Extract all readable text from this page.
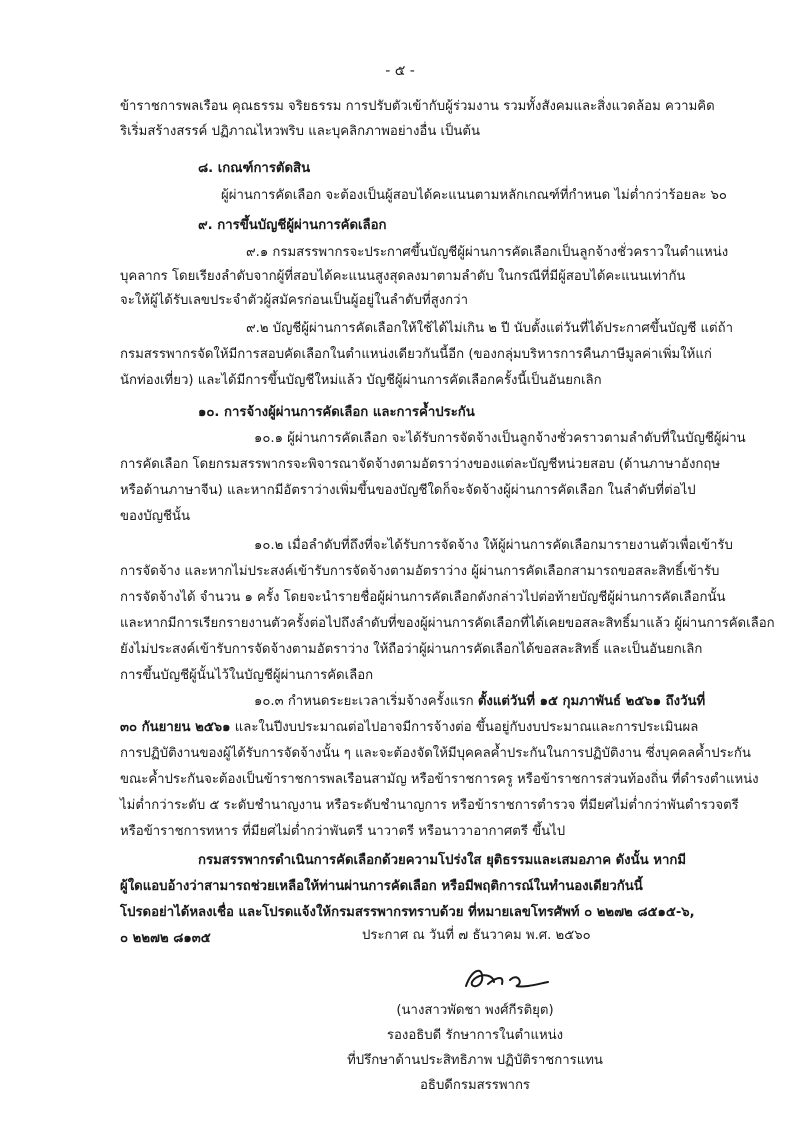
- ๕ -
ข้าราชการพลเรือน คุณธรรม จริยธรรม การปรับตัวเข้ากับผู้ร่วมงาน รวมทั้งสังคมและสิ่งแวดล้อม ความคิด
ริเริ่มสร้างสรรค์ ปฏิภาณไหวพริบ และบุคลิกภาพอย่างอื่น เป็นต้น
๘. เกณฑ์การตัดสิน
ผู้ผ่านการคัดเลือก จะต้องเป็นผู้สอบได้คะแนนตามหลักเกณฑ์ที่กำหนด ไม่ต่ำกว่าร้อยละ ๖๐
๙. การขึ้นบัญชีผู้ผ่านการคัดเลือก
๙.๑ กรมสรรพากรจะประกาศขึ้นบัญชีผู้ผ่านการคัดเลือกเป็นลูกจ้างชั่วคราวในตำแหน่ง
บุคลากร โดยเรียงลำดับจากผู้ที่สอบได้คะแนนสูงสุดลงมาตามลำดับ ในกรณีที่มีผู้สอบได้คะแนนเท่ากัน
จะให้ผู้ได้รับเลขประจำตัวผู้สมัครก่อนเป็นผู้อยู่ในลำดับที่สูงกว่า
๙.๒ บัญชีผู้ผ่านการคัดเลือกให้ใช้ได้ไม่เกิน ๒ ปี นับตั้งแต่วันที่ได้ประกาศขึ้นบัญชี แต่ถ้า
กรมสรรพากรจัดให้มีการสอบคัดเลือกในตำแหน่งเดียวกันนี้อีก (ของกลุ่มบริหารการคืนภาษีมูลค่าเพิ่มให้แก่
นักท่องเที่ยว) และได้มีการขึ้นบัญชีใหม่แล้ว บัญชีผู้ผ่านการคัดเลือกครั้งนี้เป็นอันยกเลิก
๑๐. การจ้างผู้ผ่านการคัดเลือก และการค้ำประกัน
๑๐.๑ ผู้ผ่านการคัดเลือก จะได้รับการจัดจ้างเป็นลูกจ้างชั่วคราวตามลำดับที่ในบัญชีผู้ผ่าน
การคัดเลือก โดยกรมสรรพากรจะพิจารณาจัดจ้างตามอัตราว่างของแต่ละบัญชีหน่วยสอบ (ด้านภาษาอังกฤษ
หรือด้านภาษาจีน) และหากมีอัตราว่างเพิ่มขึ้นของบัญชีใดก็จะจัดจ้างผู้ผ่านการคัดเลือก ในลำดับที่ต่อไป
ของบัญชีนั้น
๑๐.๒ เมื่อลำดับที่ถึงที่จะได้รับการจัดจ้าง ให้ผู้ผ่านการคัดเลือกมารายงานตัวเพื่อเข้ารับ
การจัดจ้าง และหากไม่ประสงค์เข้ารับการจัดจ้างตามอัตราว่าง ผู้ผ่านการคัดเลือกสามารถขอสละสิทธิ์เข้ารับ
การจัดจ้างได้ จำนวน ๑ ครั้ง โดยจะนำรายชื่อผู้ผ่านการคัดเลือกดังกล่าวไปต่อท้ายบัญชีผู้ผ่านการคัดเลือกนั้น
และหากมีการเรียกรายงานตัวครั้งต่อไปถึงลำดับที่ของผู้ผ่านการคัดเลือกที่ได้เคยขอสละสิทธิ์มาแล้ว ผู้ผ่านการคัดเลือก
ยังไม่ประสงค์เข้ารับการจัดจ้างตามอัตราว่าง ให้ถือว่าผู้ผ่านการคัดเลือกได้ขอสละสิทธิ์ และเป็นอันยกเลิก
การขึ้นบัญชีผู้นั้นไว้ในบัญชีผู้ผ่านการคัดเลือก
๑๐.๓ กำหนดระยะเวลาเริ่มจ้างครั้งแรก ตั้งแต่วันที่ ๑๕ กุมภาพันธ์ ๒๕๖๑ ถึงวันที่
๓๐ กันยายน ๒๕๖๑ และในปีงบประมาณต่อไปอาจมีการจ้างต่อ ขึ้นอยู่กับงบประมาณและการประเมินผล
การปฏิบัติงานของผู้ได้รับการจัดจ้างนั้น ๆ และจะต้องจัดให้มีบุคคลค้ำประกันในการปฏิบัติงาน ซึ่งบุคคลค้ำประกัน
ขณะค้ำประกันจะต้องเป็นข้าราชการพลเรือนสามัญ หรือข้าราชการครู หรือข้าราชการส่วนท้องถิ่น ที่ดำรงตำแหน่ง
ไม่ต่ำกว่าระดับ ๕ ระดับชำนาญงาน หรือระดับชำนาญการ หรือข้าราชการตำรวจ ที่มียศไม่ต่ำกว่าพันตำรวจตรี
หรือข้าราชการทหาร ที่มียศไม่ต่ำกว่าพันตรี นาวาตรี หรือนาวาอากาศตรี ขึ้นไป
กรมสรรพากรดำเนินการคัดเลือกด้วยความโปร่งใส ยุติธรรมและเสมอภาค ดังนั้น หากมี
ผู้ใดแอบอ้างว่าสามารถช่วยเหลือให้ท่านผ่านการคัดเลือก หรือมีพฤติการณ์ในทำนองเดียวกันนี้
โปรดอย่าได้หลงเชื่อ และโปรดแจ้งให้กรมสรรพากรทราบด้วย ที่หมายเลขโทรศัพท์ ๐ ๒๒๗๒ ๘๕๑๕-๖,
๐ ๒๒๗๒ ๘๑๓๕	ประกาศ ณ วันที่ ๗ ธันวาคม พ.ศ. ๒๕๖๐
(นางสาวพัดชา พงศ์กีรติยุต)
รองอธิบดี รักษาการในตำแหน่ง
ที่ปรึกษาด้านประสิทธิภาพ ปฏิบัติราชการแทน
อธิบดีกรมสรรพากร
